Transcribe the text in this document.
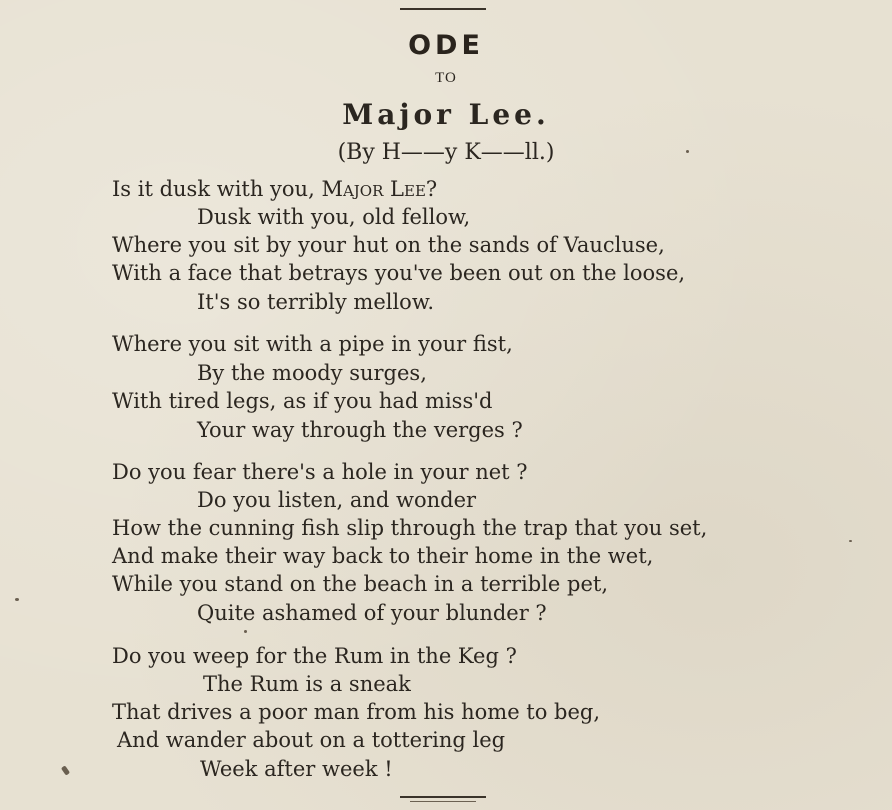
ODE
TO
Major Lee.
(By H——y K——ll.)
Is it dusk with you, Major Lee?
Dusk with you, old fellow,
Where you sit by your hut on the sands of Vaucluse,
With a face that betrays you've been out on the loose,
It's so terribly mellow.
Where you sit with a pipe in your fist,
By the moody surges,
With tired legs, as if you had miss'd
Your way through the verges ?
Do you fear there's a hole in your net ?
Do you listen, and wonder
How the cunning fish slip through the trap that you set,
And make their way back to their home in the wet,
While you stand on the beach in a terrible pet,
Quite ashamed of your blunder ?
Do you weep for the Rum in the Keg ?
The Rum is a sneak
That drives a poor man from his home to beg,
And wander about on a tottering leg
Week after week !
